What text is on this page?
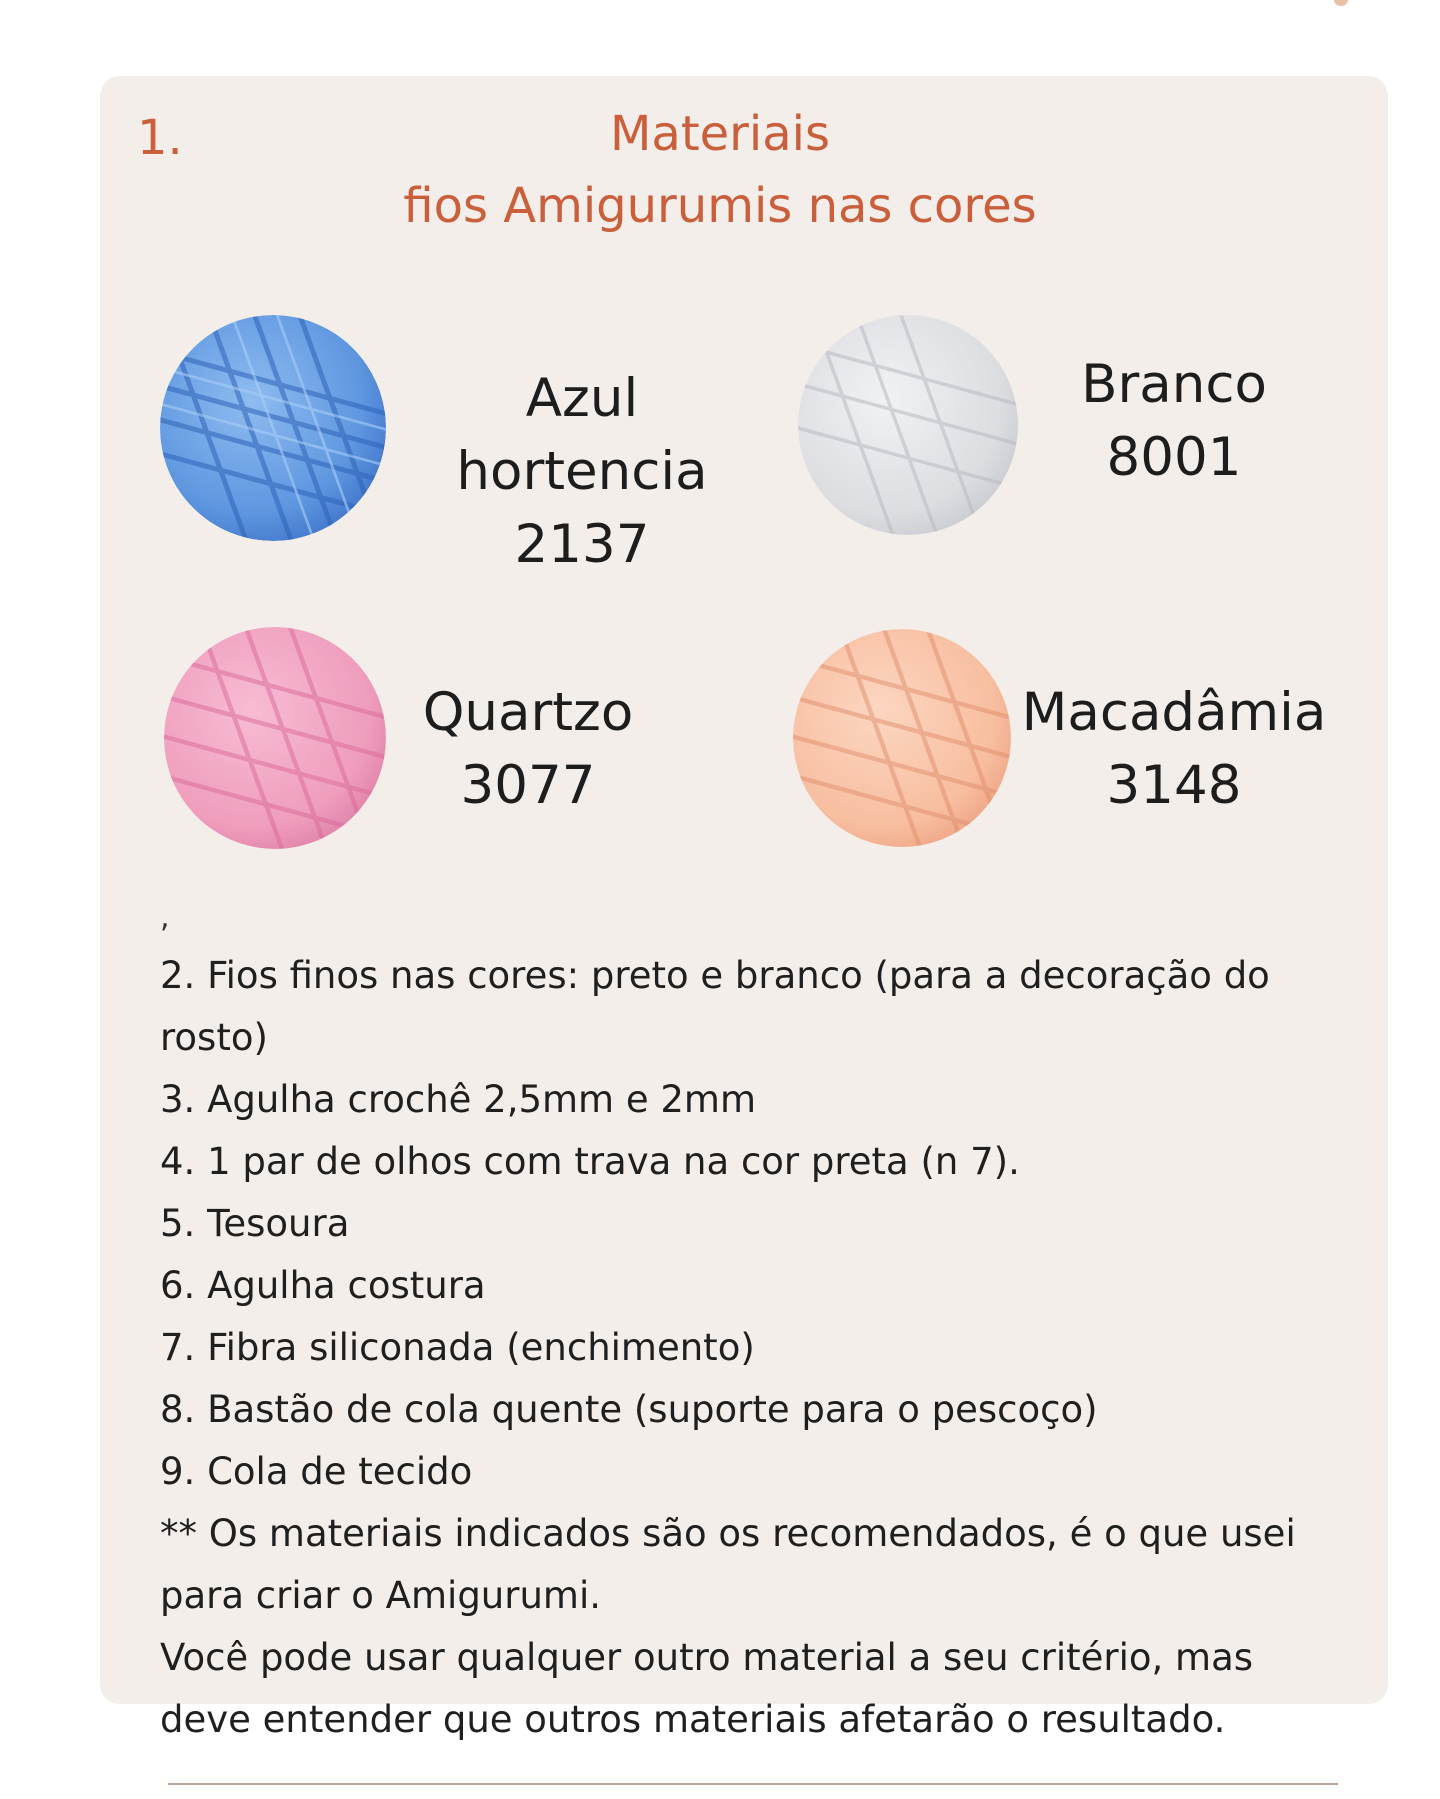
1.	Materiais

fios Amigurumis nas cores

Azul hortencia
2137
Branco
8001
Quartzo
3077
Macadâmia
3148
,
2. Fios finos nas cores: preto e branco (para a decoração do rosto)
3. Agulha crochê 2,5mm e 2mm
4. 1 par de olhos com trava na cor preta (n 7).
5. Tesoura
6. Agulha costura
7. Fibra siliconada (enchimento)
8. Bastão de cola quente (suporte para o pescoço)
9. Cola de tecido
** Os materiais indicados são os recomendados, é o que usei para criar o Amigurumi.
Você pode usar qualquer outro material a seu critério, mas deve entender que outros materiais afetarão o resultado.
